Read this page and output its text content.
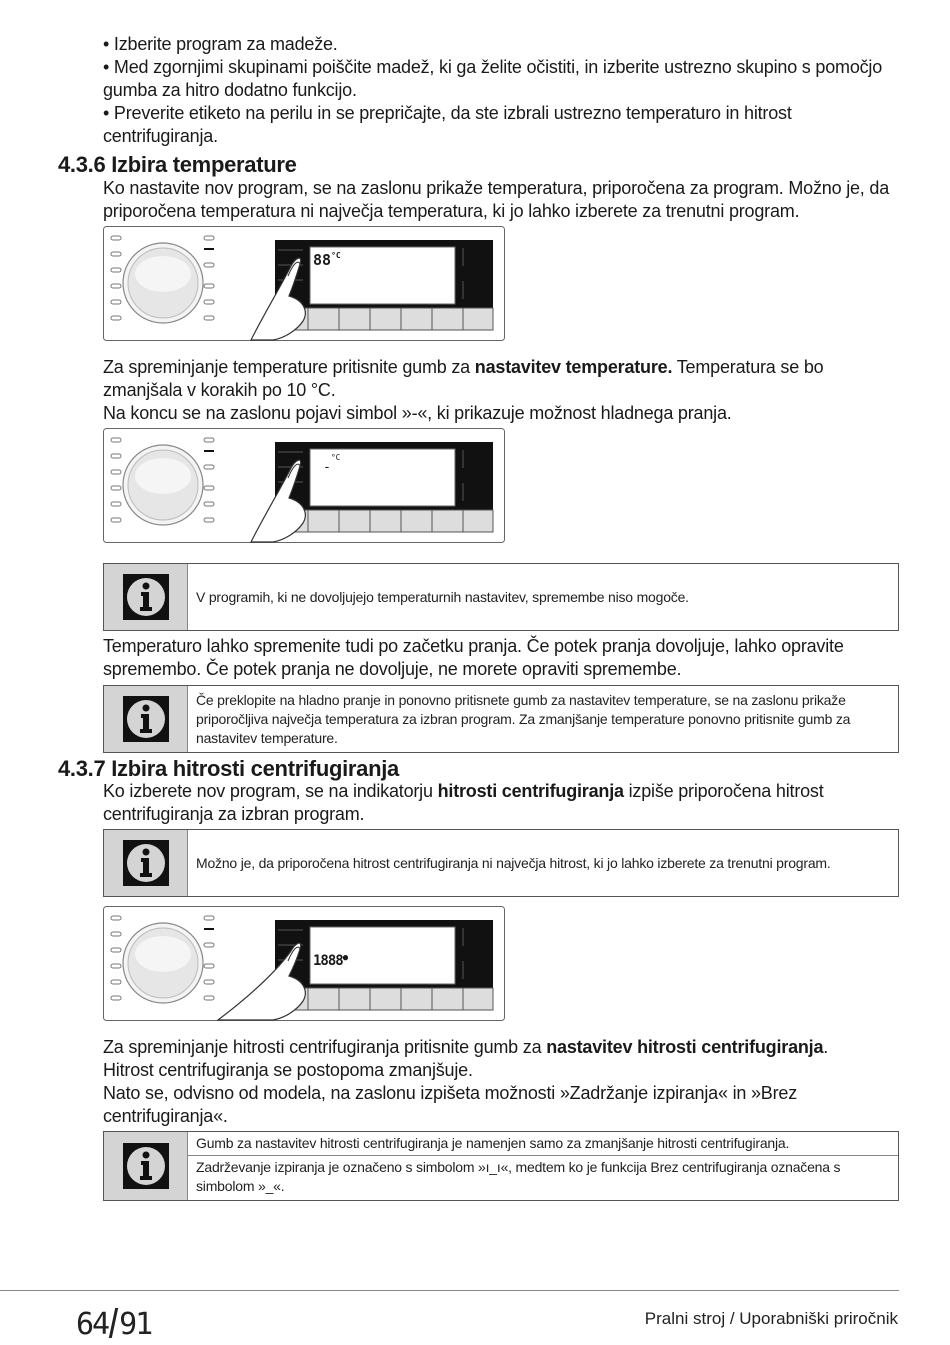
• Izberite program za madeže.
• Med zgornjimi skupinami poiščite madež, ki ga želite očistiti, in izberite ustrezno skupino s pomočjo
gumba za hitro dodatno funkcijo.
• Preverite etiketo na perilu in se prepričajte, da ste izbrali ustrezno temperaturo in hitrost
centrifugiranja.
4.3.6 Izbira temperature
Ko nastavite nov program, se na zaslonu prikaže temperatura, priporočena za program. Možno je, da
priporočena temperatura ni največja temperatura, ki jo lahko izberete za trenutni program.
$88^{^\circ C}$
Za spreminjanje temperature pritisnite gumb za nastavitev temperature. Temperatura se bo
zmanjšala v korakih po 10 °C.
Na koncu se na zaslonu pojavi simbol »-«, ki prikazuje možnost hladnega pranja.
-$^{^\circ C}$
V programih, ki ne dovoljujejo temperaturnih nastavitev, spremembe niso mogoče.
Temperaturo lahko spremenite tudi po začetku pranja. Če potek pranja dovoljuje, lahko opravite
spremembo. Če potek pranja ne dovoljuje, ne morete opraviti spremembe.
Če preklopite na hladno pranje in ponovno pritisnete gumb za nastavitev temperature, se na zaslonu prikaže
priporočljiva največja temperatura za izbran program. Za zmanjšanje temperature ponovno pritisnite gumb za
nastavitev temperature.
4.3.7 Izbira hitrosti centrifugiranja
Ko izberete nov program, se na indikatorju hitrosti centrifugiranja izpiše priporočena hitrost
centrifugiranja za izbran program.
Možno je, da priporočena hitrost centrifugiranja ni največja hitrost, ki jo lahko izberete za trenutni program.
1888●
Za spreminjanje hitrosti centrifugiranja pritisnite gumb za nastavitev hitrosti centrifugiranja.
Hitrost centrifugiranja se postopoma zmanjšuje.
Nato se, odvisno od modela, na zaslonu izpišeta možnosti »Zadržanje izpiranja« in »Brez
centrifugiranja«.
Gumb za nastavitev hitrosti centrifugiranja je namenjen samo za zmanjšanje hitrosti centrifugiranja.
Zadrževanje izpiranja je označeno s simbolom »ı_ı«, medtem ko je funkcija Brez centrifugiranja označena s
simbolom »_«.
64 91	Pralni stroj / Uporabniški priročnik
